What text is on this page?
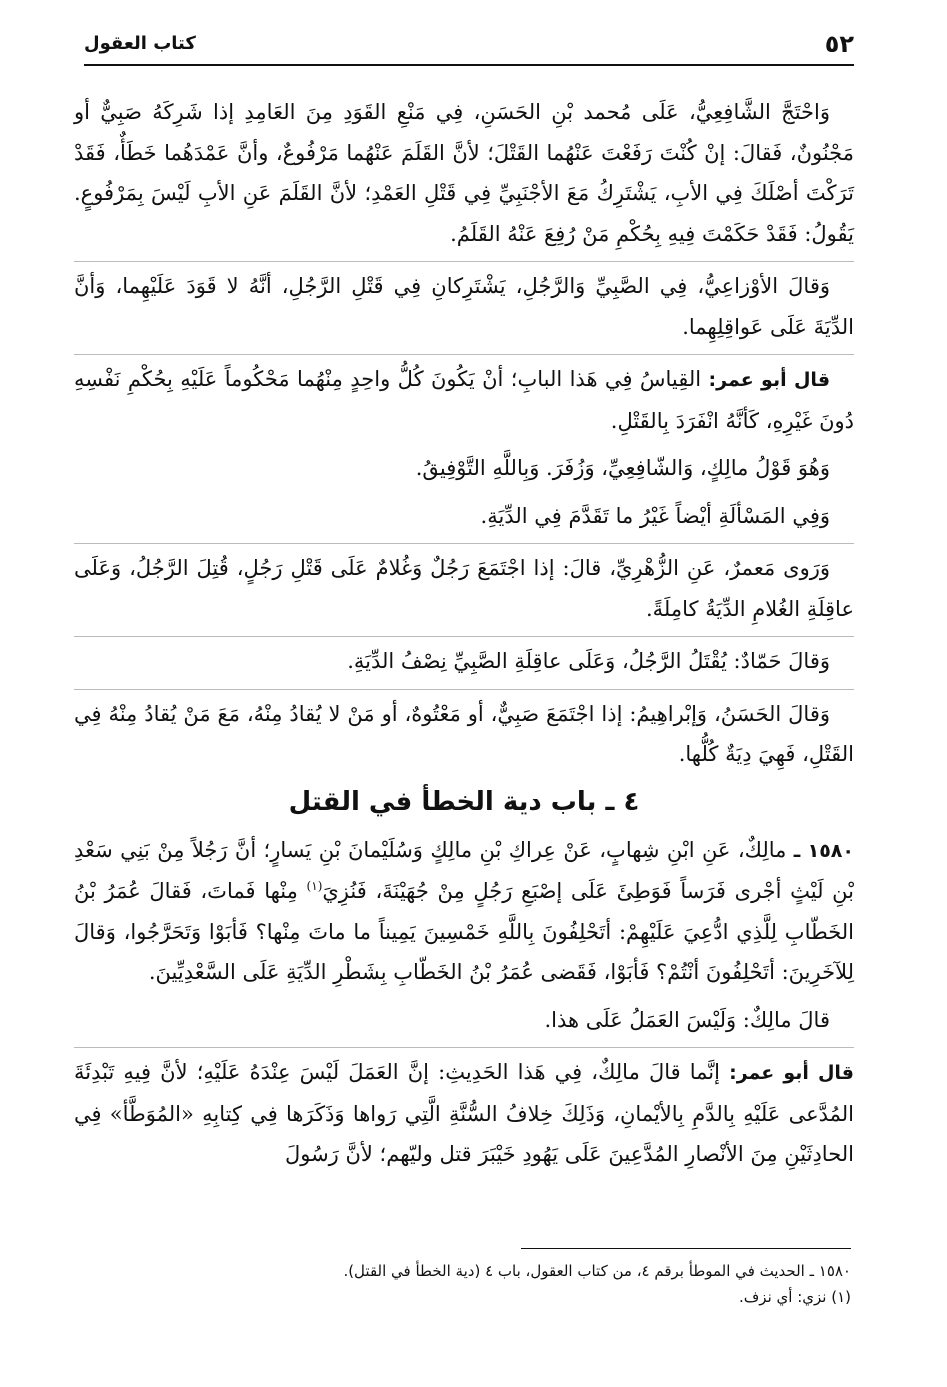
٥٢
كتاب العقول

وَاحْتَجَّ الشَّافِعِيُّ، عَلَى مُحمد بْنِ الحَسَنِ، فِي مَنْعِ القَوَدِ مِنَ العَامِدِ إذا شَرِكَهُ صَبِيٌّ أو مَجْنُونٌ، فَقالَ: إنْ كُنْتَ رَفَعْتَ عَنْهُما القَتْلَ؛ لأنَّ القَلَمَ عَنْهُما مَرْفُوعٌ، وأنَّ عَمْدَهُما خَطَأٌ، فَقَدْ تَرَكْتَ أصْلَكَ فِي الأبِ، يَشْتَرِكُ مَعَ الأجْنَبِيِّ فِي قَتْلِ العَمْدِ؛ لأنَّ القَلَمَ عَنِ الأبِ لَيْسَ بِمَرْفُوعٍ. يَقُولُ: فَقَدْ حَكَمْتَ فِيهِ بِحُكْمِ مَنْ رُفِعَ عَنْهُ القَلَمُ.

وَقالَ الأوْزاعِيُّ، فِي الصَّبِيِّ وَالرَّجُلِ، يَشْتَرِكانِ فِي قَتْلِ الرَّجُلِ، أنَّهُ لا قَوَدَ عَلَيْهِما، وَأنَّ الدِّيَةَ عَلَى عَواقِلِهِما.

قال أبو عمر: القِياسُ فِي هَذا البابِ؛ أنْ يَكُونَ كُلُّ واحِدٍ مِنْهُما مَحْكُوماً عَلَيْهِ بِحُكْمِ نَفْسِهِ دُونَ غَيْرِهِ، كَأنَّهُ انْفَرَدَ بِالقَتْلِ.

وَهُوَ قَوْلُ مالِكٍ، وَالشّافِعِيِّ، وَزُفَرَ. وَبِاللَّهِ التَّوْفِيقُ.

وَفِي المَسْألَةِ أيْضاً غَيْرُ ما تَقَدَّمَ فِي الدِّيَةِ.

وَرَوى مَعمرٌ، عَنِ الزُّهْرِيِّ، قالَ: إذا اجْتَمَعَ رَجُلٌ وَغُلامٌ عَلَى قَتْلِ رَجُلٍ، قُتِلَ الرَّجُلُ، وَعَلَى عاقِلَةِ الغُلامِ الدِّيَةُ كامِلَةً.

وَقالَ حَمّادٌ: يُقْتَلُ الرَّجُلُ، وَعَلَى عاقِلَةِ الصَّبِيِّ نِصْفُ الدِّيَةِ.

وَقالَ الحَسَنُ، وَإبْراهِيمُ: إذا اجْتَمَعَ صَبِيٌّ، أو مَعْتُوهٌ، أو مَنْ لا يُقادُ مِنْهُ، مَعَ مَنْ يُقادُ مِنْهُ فِي القَتْلِ، فَهِيَ دِيَةٌ كُلُّها.

٤ ـ باب دية الخطأ في القتل

١٥٨٠ ـ مالِكٌ، عَنِ ابْنِ شِهابٍ، عَنْ عِراكِ بْنِ مالِكٍ وَسُلَيْمانَ بْنِ يَسارٍ؛ أنَّ رَجُلاً مِنْ بَنِي سَعْدِ بْنِ لَيْثٍ أجْرى فَرَساً فَوَطِئَ عَلَى إصْبَعِ رَجُلٍ مِنْ جُهَيْنَةَ، فَنُزِيَ$^{(١)}$ مِنْها فَماتَ، فَقالَ عُمَرُ بْنُ الخَطّابِ لِلَّذِي ادُّعِيَ عَلَيْهِمْ: أتَحْلِفُونَ بِاللَّهِ خَمْسِينَ يَمِيناً ما ماتَ مِنْها؟ فَأبَوْا وَتَحَرَّجُوا، وَقالَ لِلآخَرِينَ: أتَحْلِفُونَ أنْتُمْ؟ فَأبَوْا، فَقَضى عُمَرُ بْنُ الخَطّابِ بِشَطْرِ الدِّيَةِ عَلَى السَّعْدِيِّينَ.

قالَ مالِكٌ: وَلَيْسَ العَمَلُ عَلَى هذا.

قال أبو عمر: إنَّما قالَ مالِكٌ، فِي هَذا الحَدِيثِ: إنَّ العَمَلَ لَيْسَ عِنْدَهُ عَلَيْهِ؛ لأنَّ فِيهِ تَبْدِئَةَ المُدَّعى عَلَيْهِ بِالدَّمِ بِالأيْمانِ، وَذَلِكَ خِلافُ السُّنَّةِ الَّتِي رَواها وَذَكَرَها فِي كِتابِهِ «المُوَطَّأ» فِي الحادِثَيْنِ مِنَ الأنْصارِ المُدَّعِينَ عَلَى يَهُودِ خَيْبَرَ قتل وليّهم؛ لأنَّ رَسُولَ

١٥٨٠ ـ الحديث في الموطأ برقم ٤، من كتاب العقول، باب ٤ (دية الخطأ في القتل).

(١) نزي: أي نزف.
